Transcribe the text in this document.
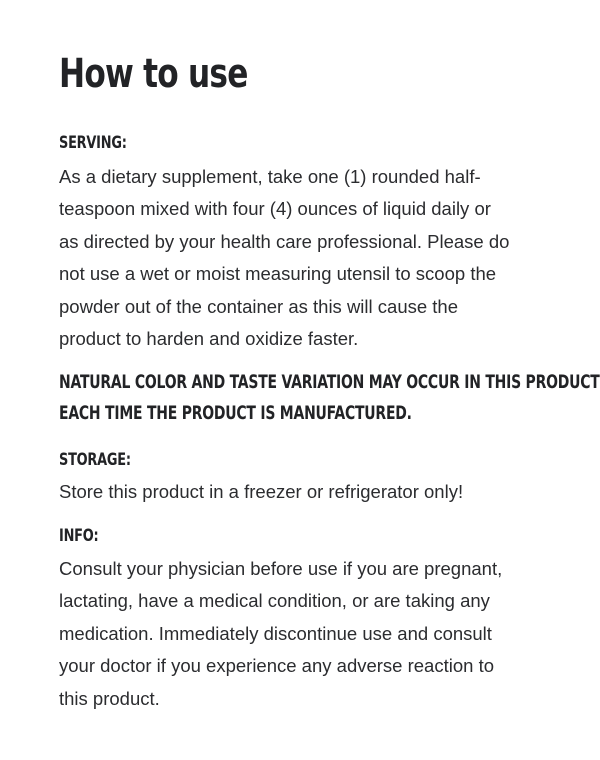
How to use
SERVING:
As a dietary supplement, take one (1) rounded half-
teaspoon mixed with four (4) ounces of liquid daily or
as directed by your health care professional. Please do
not use a wet or moist measuring utensil to scoop the
powder out of the container as this will cause the
product to harden and oxidize faster.
NATURAL COLOR AND TASTE VARIATION MAY OCCUR IN THIS PRODUCT
EACH TIME THE PRODUCT IS MANUFACTURED.
STORAGE:
Store this product in a freezer or refrigerator only!
INFO:
Consult your physician before use if you are pregnant,
lactating, have a medical condition, or are taking any
medication. Immediately discontinue use and consult
your doctor if you experience any adverse reaction to
this product.
